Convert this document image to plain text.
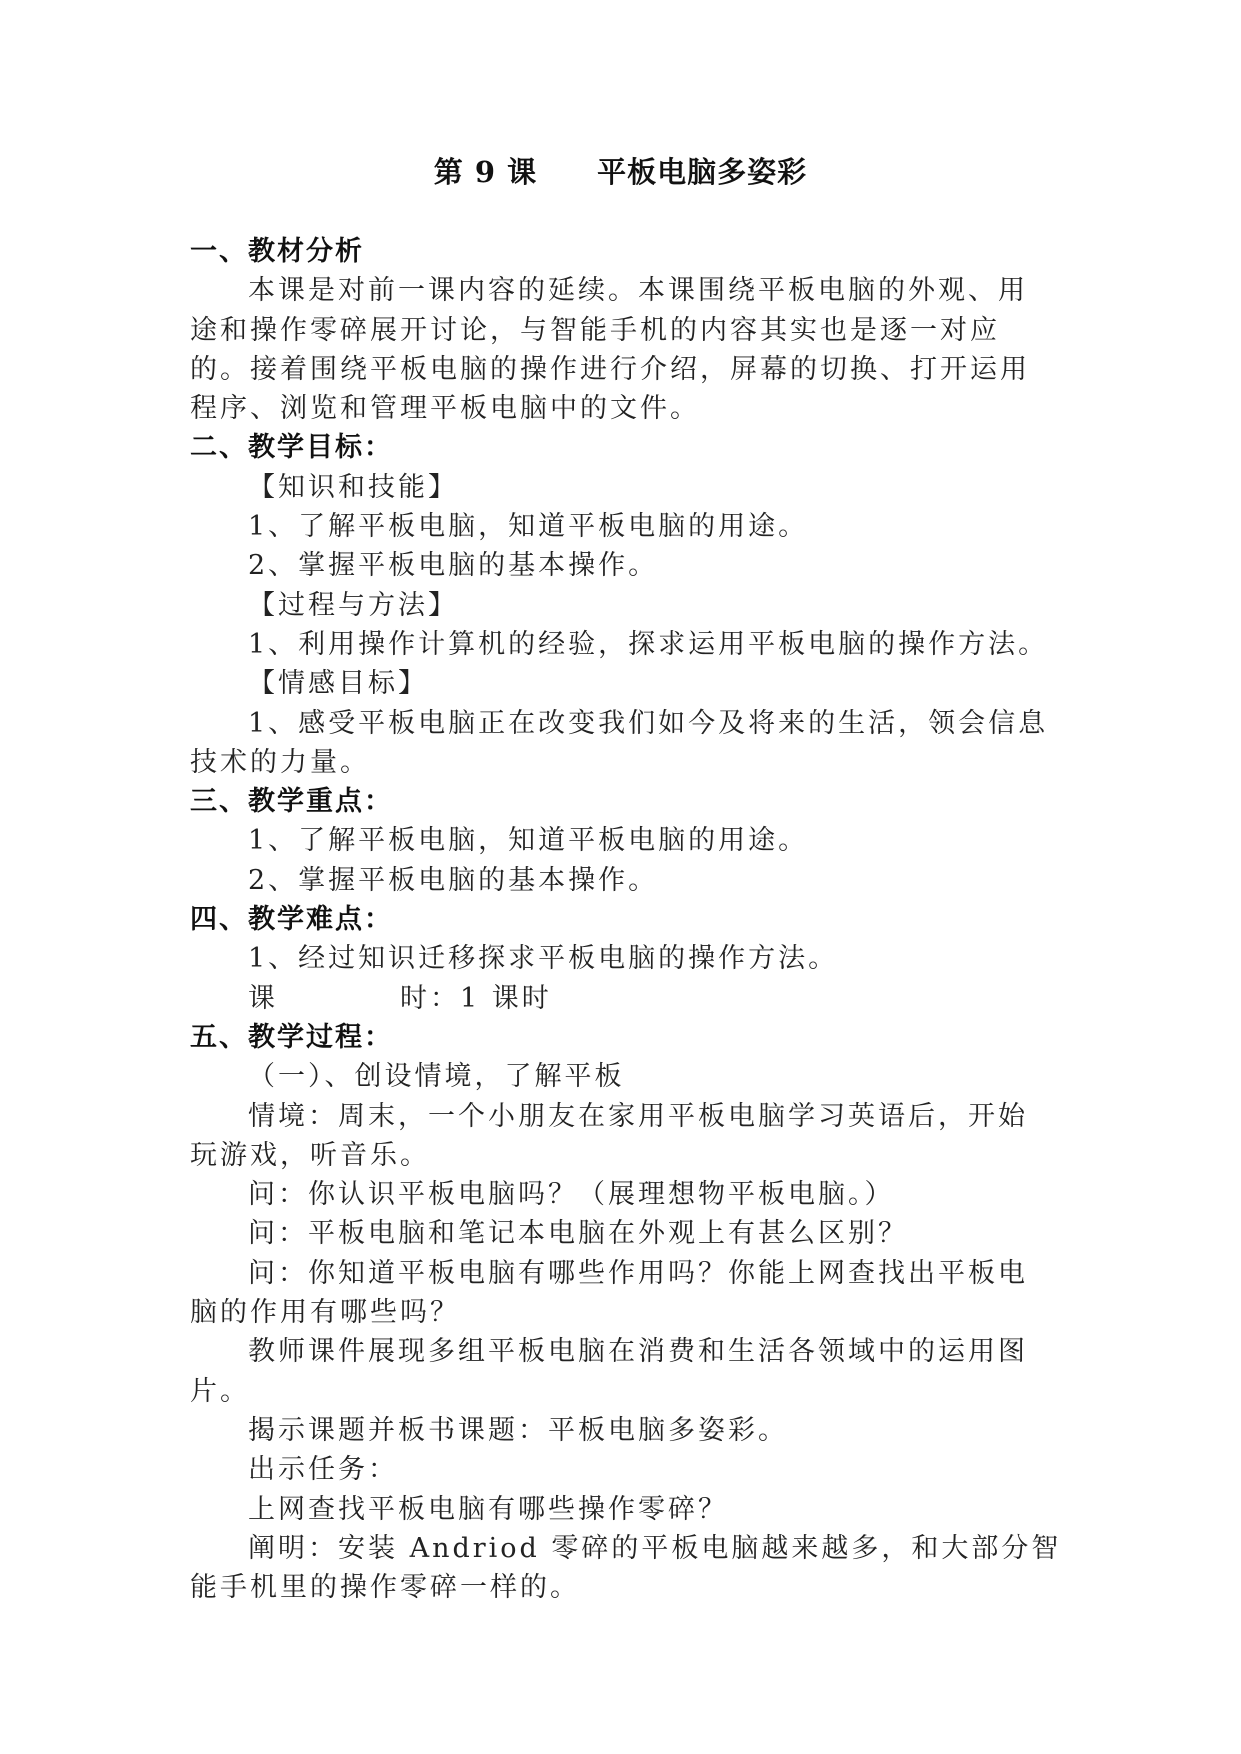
第 9 课 平板电脑多姿彩
一、教材分析
本课是对前一课内容的延续。本课围绕平板电脑的外观、用
途和操作零碎展开讨论，与智能手机的内容其实也是逐一对应
的。接着围绕平板电脑的操作进行介绍，屏幕的切换、打开运用
程序、浏览和管理平板电脑中的文件。
二、教学目标：
【知识和技能】
1、了解平板电脑，知道平板电脑的用途。
2、掌握平板电脑的基本操作。
【过程与方法】
1、利用操作计算机的经验，探求运用平板电脑的操作方法。
【情感目标】
1、感受平板电脑正在改变我们如今及将来的生活，领会信息
技术的力量。
三、教学重点：
1、了解平板电脑，知道平板电脑的用途。
2、掌握平板电脑的基本操作。
四、教学难点：
1、经过知识迁移探求平板电脑的操作方法。
课	时：1 课时
五、教学过程：
（一）、创设情境，了解平板
情境：周末，一个小朋友在家用平板电脑学习英语后，开始
玩游戏，听音乐。
问：你认识平板电脑吗？（展理想物平板电脑。）
问：平板电脑和笔记本电脑在外观上有甚么区别？
问：你知道平板电脑有哪些作用吗？你能上网查找出平板电
脑的作用有哪些吗？
教师课件展现多组平板电脑在消费和生活各领域中的运用图
片。
揭示课题并板书课题：平板电脑多姿彩。
出示任务：
上网查找平板电脑有哪些操作零碎？
阐明：安装 Andriod 零碎的平板电脑越来越多，和大部分智
能手机里的操作零碎一样的。
